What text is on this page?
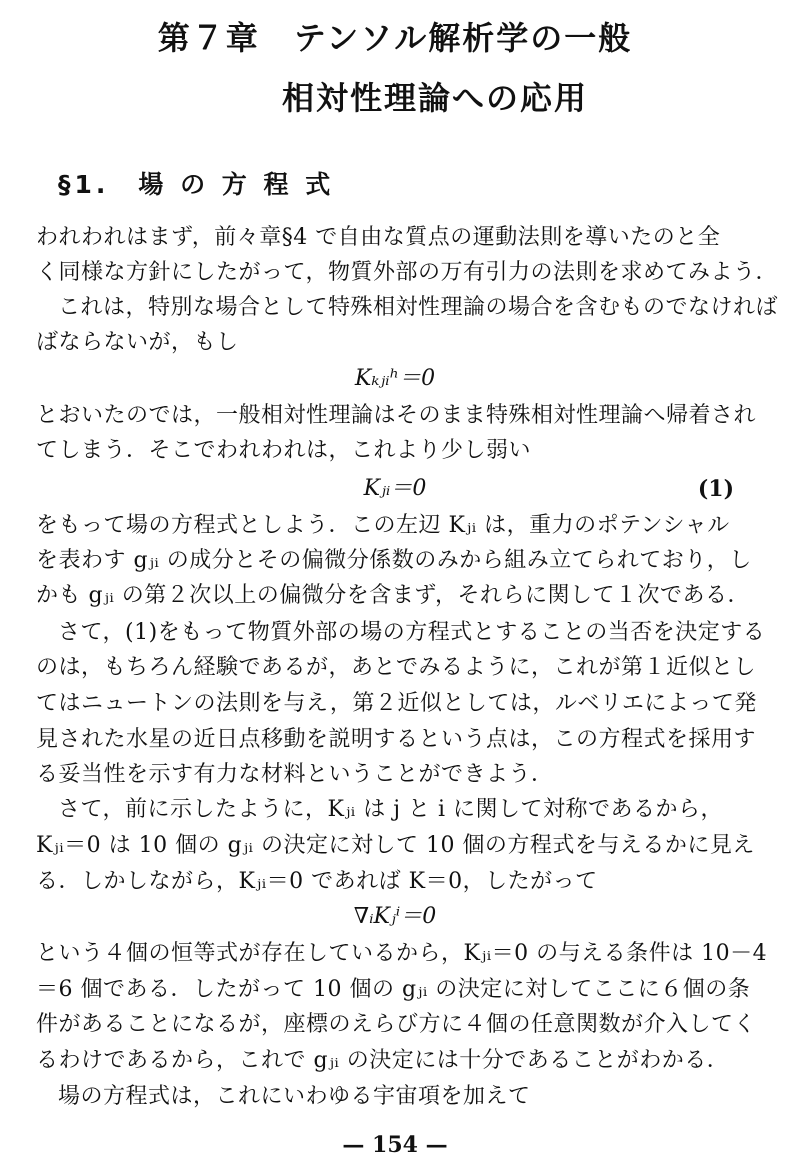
第７章　テンソル解析学の一般
相対性理論への応用
§1.　場 の 方 程 式
われわれはまず，前々章§4 で自由な質点の運動法則を導いたのと全
く同様な方針にしたがって，物質外部の万有引力の法則を求めてみよう．
これは，特別な場合として特殊相対性理論の場合を含むものでなければ
ばならないが，もし
Kₖⱼᵢʰ＝0
とおいたのでは，一般相対性理論はそのまま特殊相対性理論へ帰着され
てしまう．そこでわれわれは，これより少し弱い
Kⱼᵢ＝0	(1)
をもって場の方程式としよう．この左辺 Kⱼᵢ は，重力のポテンシャル
を表わす gⱼᵢ の成分とその偏微分係数のみから組み立てられており，し
かも gⱼᵢ の第２次以上の偏微分を含まず，それらに関して１次である．
さて，(1)をもって物質外部の場の方程式とすることの当否を決定する
のは，もちろん経験であるが，あとでみるように，これが第１近似とし
てはニュートンの法則を与え，第２近似としては，ルベリエによって発
見された水星の近日点移動を説明するという点は，この方程式を採用す
る妥当性を示す有力な材料ということができよう．
さて，前に示したように，Kⱼᵢ は j と i に関して対称であるから，
Kⱼᵢ＝0 は 10 個の gⱼᵢ の決定に対して 10 個の方程式を与えるかに見え
る．しかしながら，Kⱼᵢ＝0 であれば K＝0，したがって
∇ᵢKⱼⁱ＝0
という４個の恒等式が存在しているから，Kⱼᵢ＝0 の与える条件は 10－4
＝6 個である．したがって 10 個の gⱼᵢ の決定に対してここに６個の条
件があることになるが，座標のえらび方に４個の任意関数が介入してく
るわけであるから，これで gⱼᵢ の決定には十分であることがわかる．
場の方程式は，これにいわゆる宇宙項を加えて
— 154 —
